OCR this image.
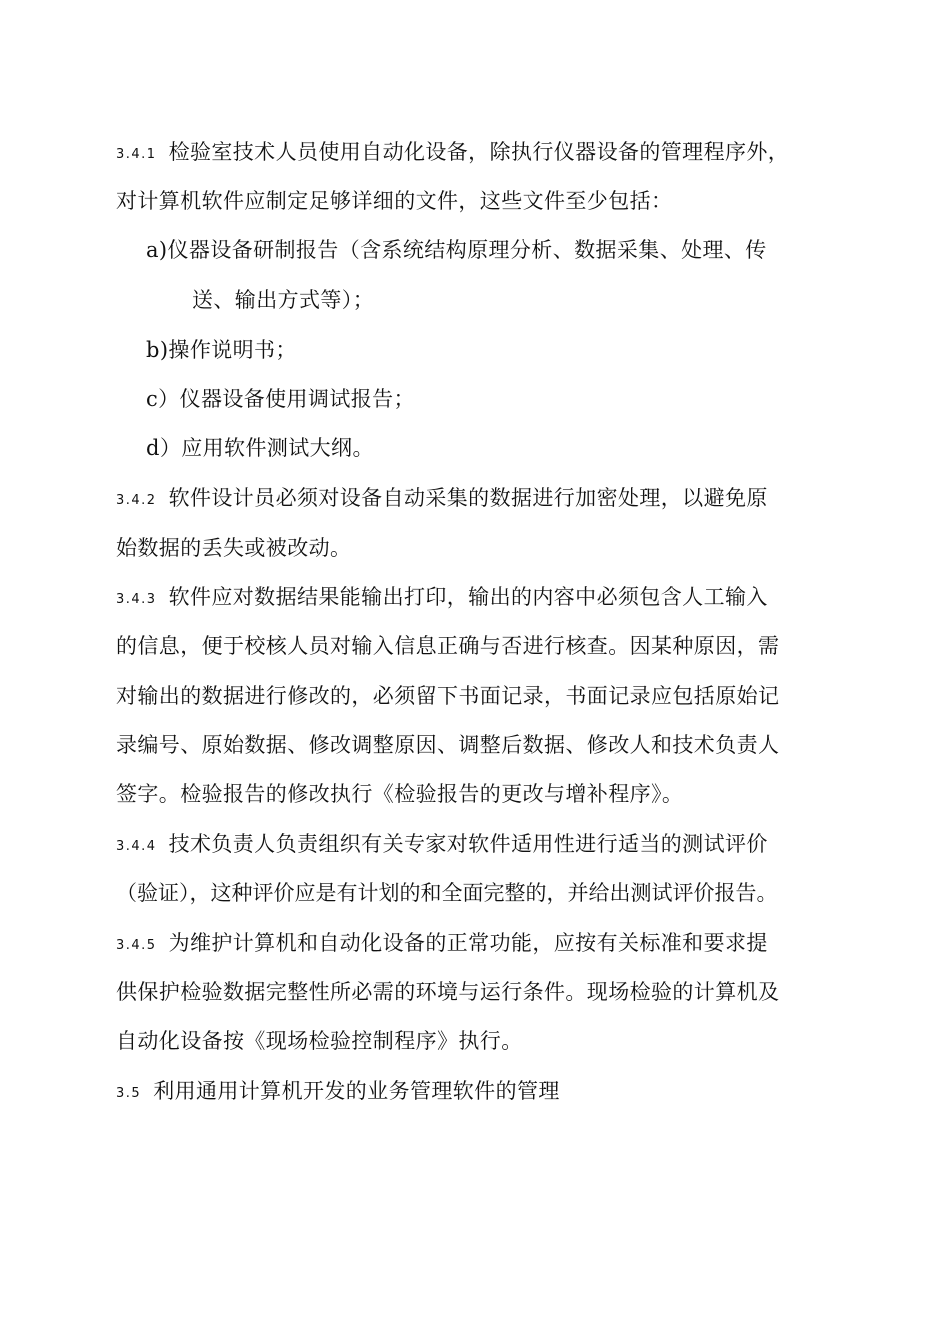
3.4.1 检验室技术人员使用自动化设备，除执行仪器设备的管理程序外，
对计算机软件应制定足够详细的文件，这些文件至少包括：
a)仪器设备研制报告（含系统结构原理分析、数据采集、处理、传
送、输出方式等）；
b)操作说明书；
c）仪器设备使用调试报告；
d）应用软件测试大纲。
3.4.2 软件设计员必须对设备自动采集的数据进行加密处理，以避免原
始数据的丢失或被改动。
3.4.3 软件应对数据结果能输出打印，输出的内容中必须包含人工输入
的信息，便于校核人员对输入信息正确与否进行核查。因某种原因，需
对输出的数据进行修改的，必须留下书面记录，书面记录应包括原始记
录编号、原始数据、修改调整原因、调整后数据、修改人和技术负责人
签字。检验报告的修改执行《检验报告的更改与增补程序》。
3.4.4 技术负责人负责组织有关专家对软件适用性进行适当的测试评价
（验证），这种评价应是有计划的和全面完整的，并给出测试评价报告。
3.4.5 为维护计算机和自动化设备的正常功能，应按有关标准和要求提
供保护检验数据完整性所必需的环境与运行条件。现场检验的计算机及
自动化设备按《现场检验控制程序》执行。
3.5 利用通用计算机开发的业务管理软件的管理
